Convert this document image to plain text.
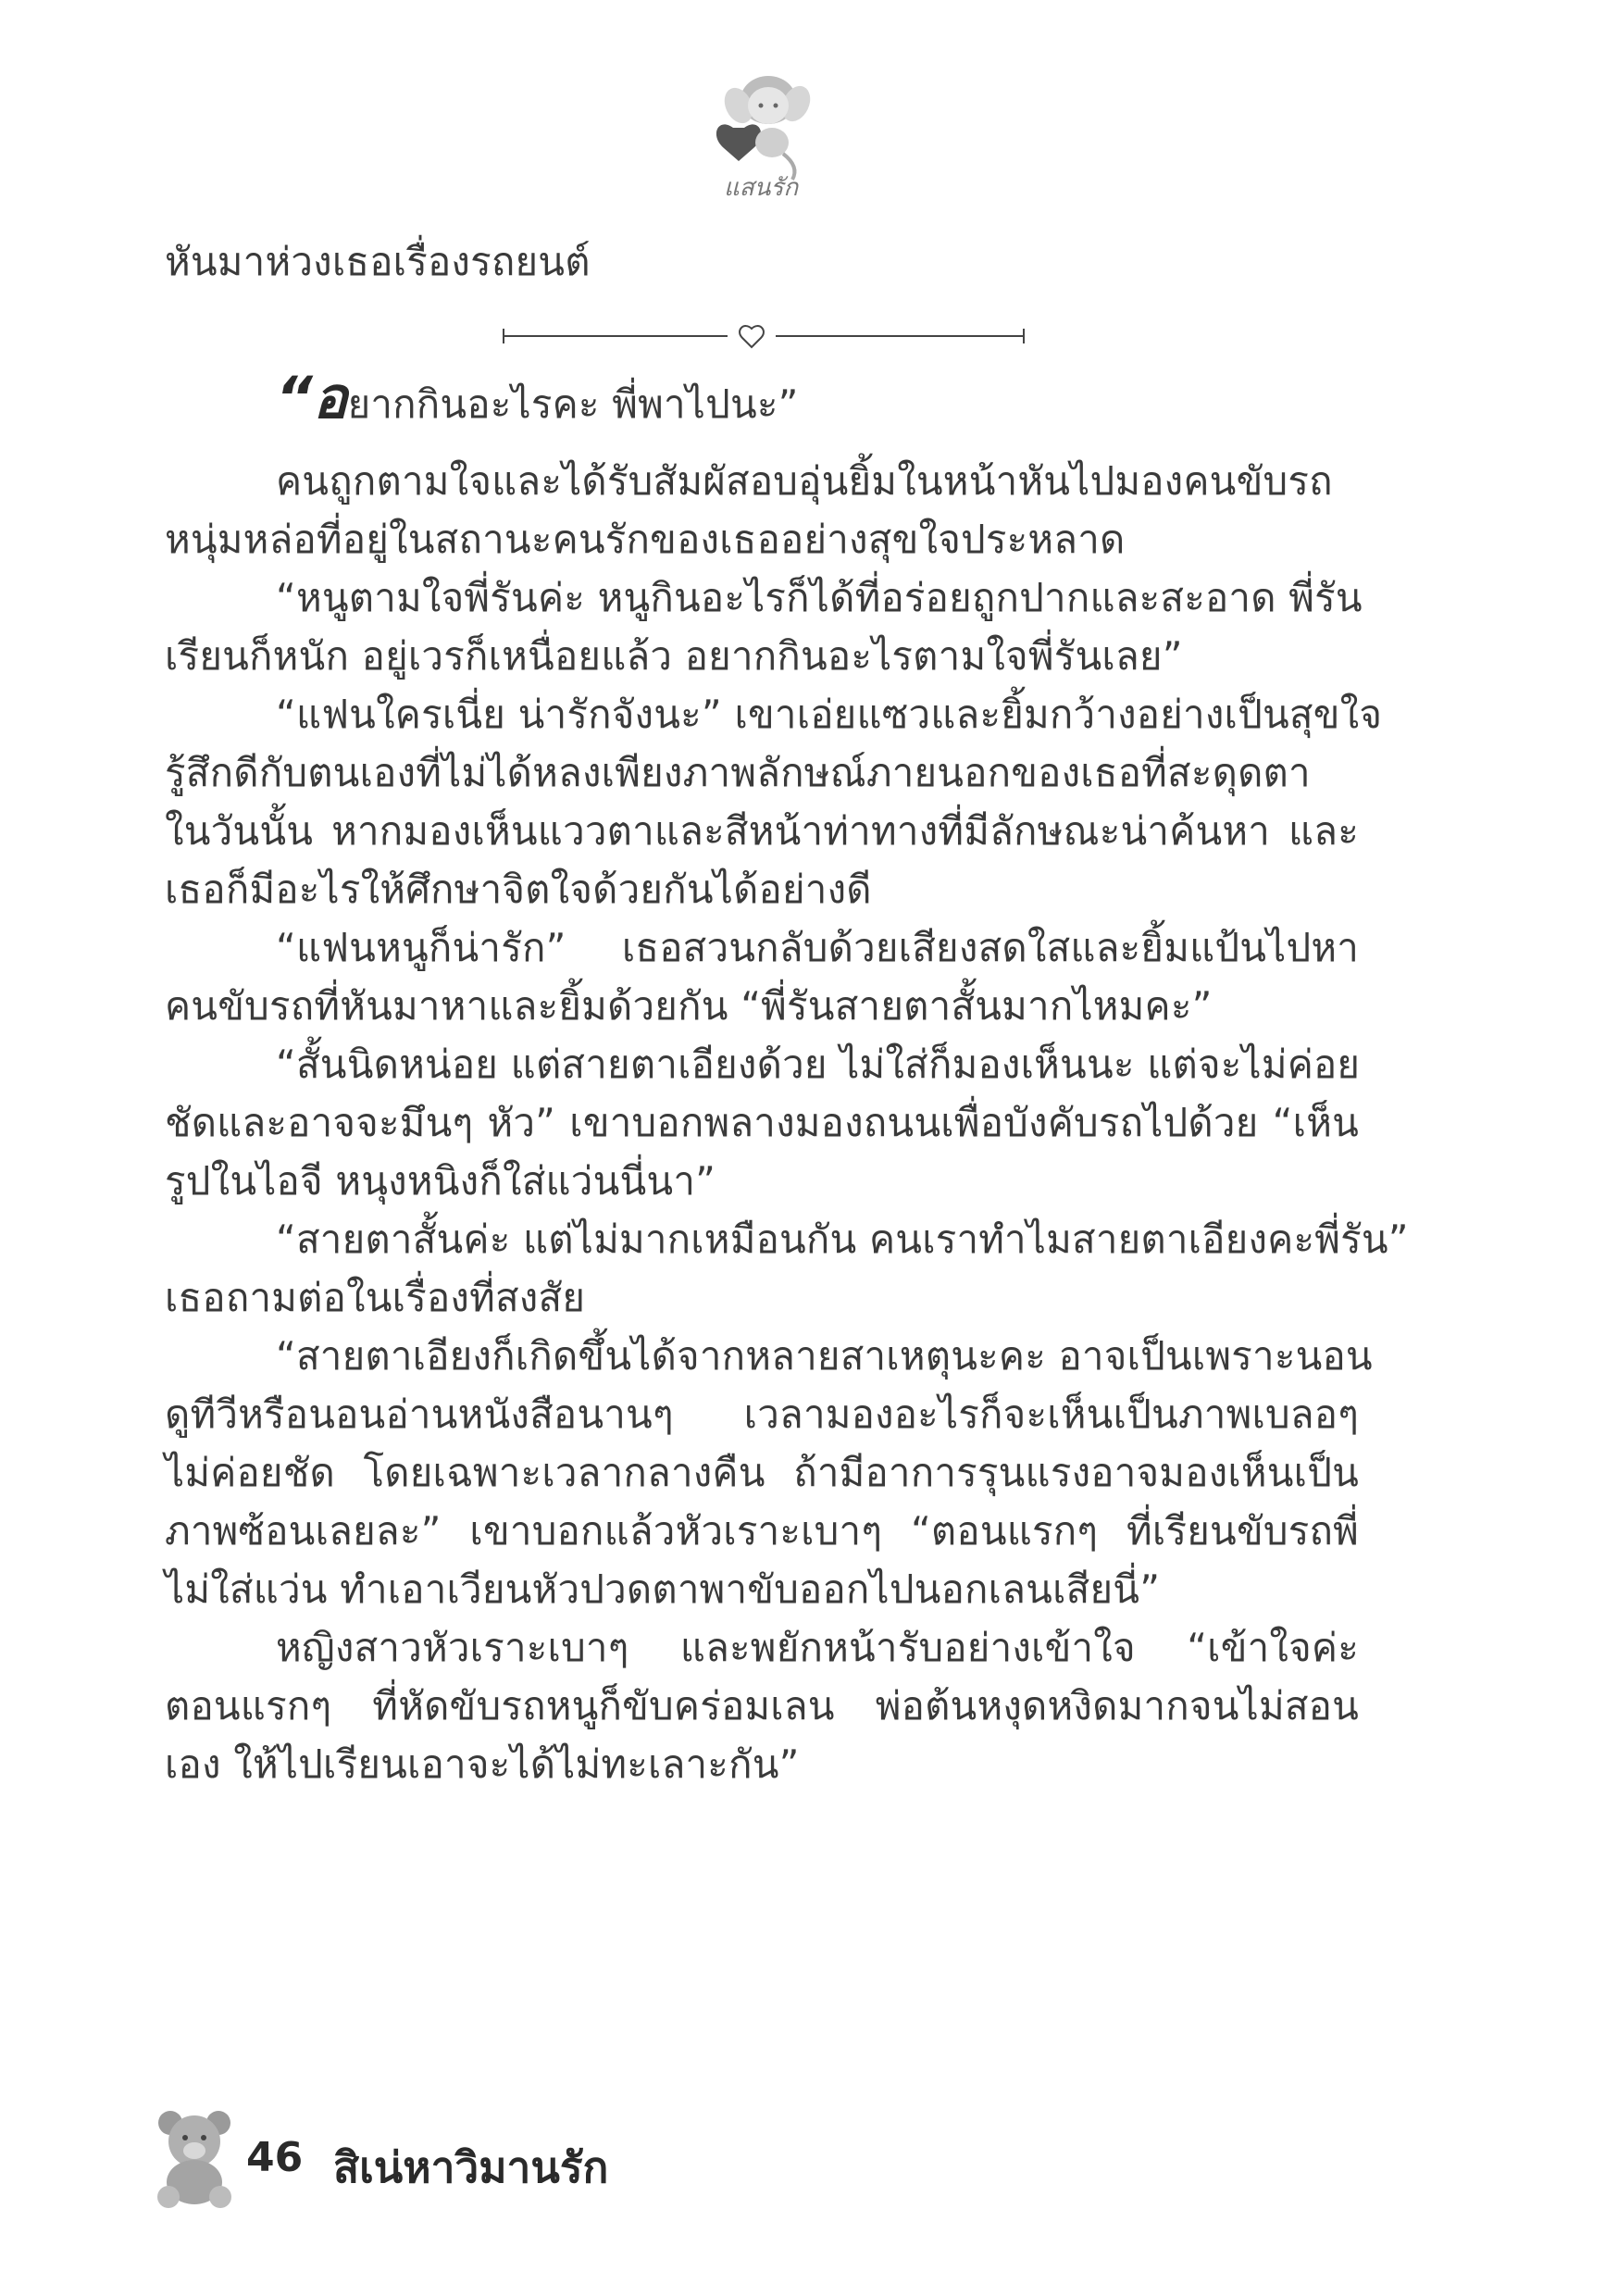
แสนรัก
หันมาห่วงเธอเรื่องรถยนต์
“อยากกินอะไรคะ พี่พาไปนะ”
คนถูกตามใจและได้รับสัมผัสอบอุ่นยิ้มในหน้าหันไปมองคนขับรถ
หนุ่มหล่อที่อยู่ในสถานะคนรักของเธออย่างสุขใจประหลาด
“หนูตามใจพี่รันค่ะ หนูกินอะไรก็ได้ที่อร่อยถูกปากและสะอาด พี่รัน
เรียนก็หนัก อยู่เวรก็เหนื่อยแล้ว อยากกินอะไรตามใจพี่รันเลย”
“แฟนใครเนี่ย น่ารักจังนะ” เขาเอ่ยแซวและยิ้มกว้างอย่างเป็นสุขใจ
รู้สึกดีกับตนเองที่ไม่ได้หลงเพียงภาพลักษณ์ภายนอกของเธอที่สะดุดตา
ในวันนั้น หากมองเห็นแววตาและสีหน้าท่าทางที่มีลักษณะน่าค้นหา และ
เธอก็มีอะไรให้ศึกษาจิตใจด้วยกันได้อย่างดี
“แฟนหนูก็น่ารัก” เธอสวนกลับด้วยเสียงสดใสและยิ้มแป้นไปหา
คนขับรถที่หันมาหาและยิ้มด้วยกัน “พี่รันสายตาสั้นมากไหมคะ”
“สั้นนิดหน่อย แต่สายตาเอียงด้วย ไม่ใส่ก็มองเห็นนะ แต่จะไม่ค่อย
ชัดและอาจจะมึนๆ หัว” เขาบอกพลางมองถนนเพื่อบังคับรถไปด้วย “เห็น
รูปในไอจี หนุงหนิงก็ใส่แว่นนี่นา”
“สายตาสั้นค่ะ แต่ไม่มากเหมือนกัน คนเราทำไมสายตาเอียงคะพี่รัน”
เธอถามต่อในเรื่องที่สงสัย
“สายตาเอียงก็เกิดขึ้นได้จากหลายสาเหตุนะคะ อาจเป็นเพราะนอน
ดูทีวีหรือนอนอ่านหนังสือนานๆ เวลามองอะไรก็จะเห็นเป็นภาพเบลอๆ
ไม่ค่อยชัด โดยเฉพาะเวลากลางคืน ถ้ามีอาการรุนแรงอาจมองเห็นเป็น
ภาพซ้อนเลยละ” เขาบอกแล้วหัวเราะเบาๆ “ตอนแรกๆ ที่เรียนขับรถพี่
ไม่ใส่แว่น ทำเอาเวียนหัวปวดตาพาขับออกไปนอกเลนเสียนี่”
หญิงสาวหัวเราะเบาๆ และพยักหน้ารับอย่างเข้าใจ “เข้าใจค่ะ
ตอนแรกๆ ที่หัดขับรถหนูก็ขับคร่อมเลน พ่อต้นหงุดหงิดมากจนไม่สอน
เอง ให้ไปเรียนเอาจะได้ไม่ทะเลาะกัน”
46 สิเน่หาวิมานรัก
